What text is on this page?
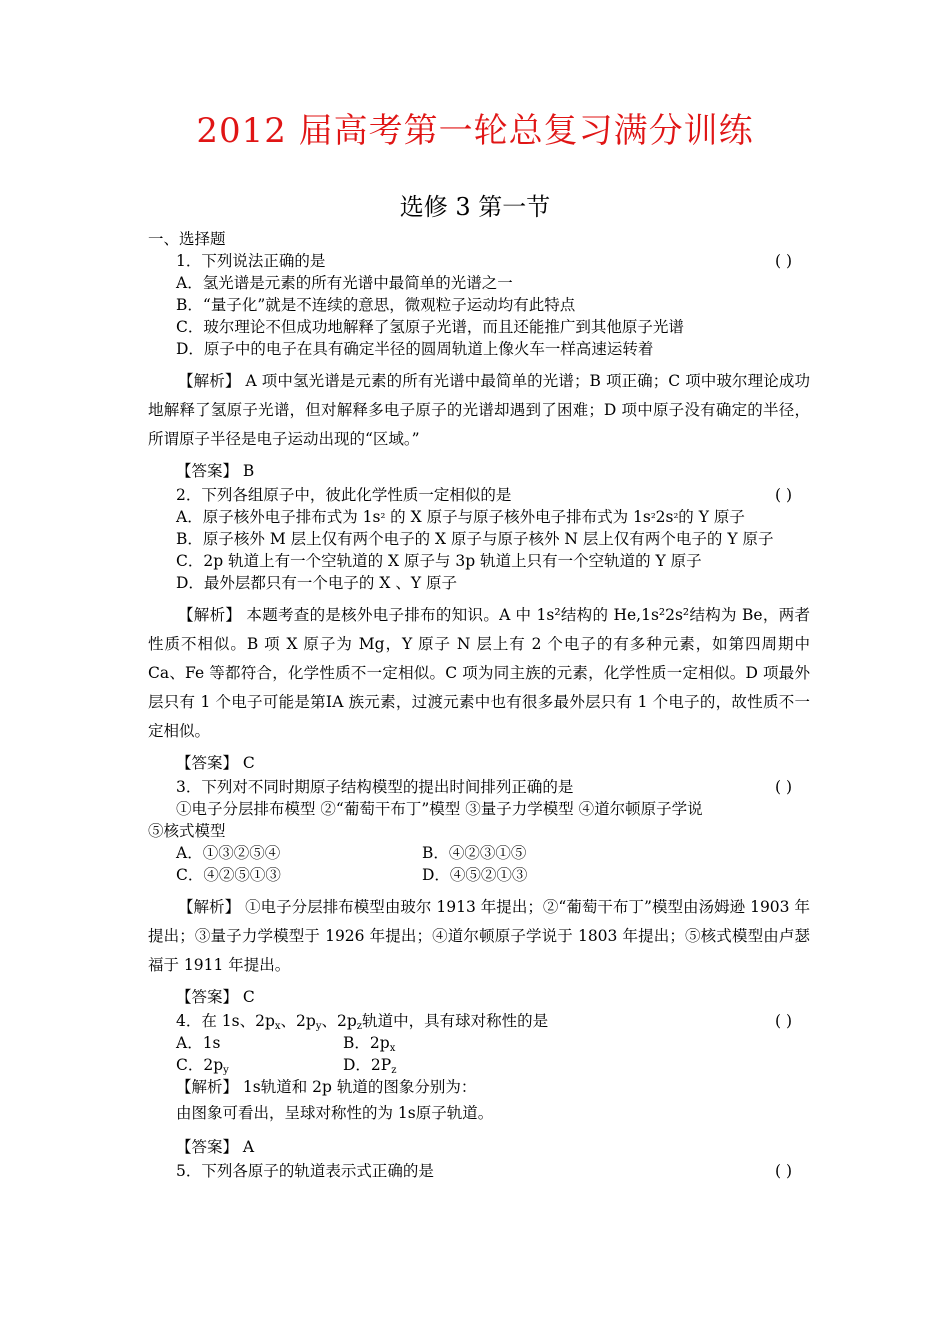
2012 届高考第一轮总复习满分训练
选修 3 第一节
一、选择题
1．下列说法正确的是	( )
A．氢光谱是元素的所有光谱中最简单的光谱之一
B．“量子化”就是不连续的意思，微观粒子运动均有此特点
C．玻尔理论不但成功地解释了氢原子光谱，而且还能推广到其他原子光谱
D．原子中的电子在具有确定半径的圆周轨道上像火车一样高速运转着
【解析】 A 项中氢光谱是元素的所有光谱中最简单的光谱；B 项正确；C 项中玻尔理论成功地解释了氢原子光谱，但对解释多电子原子的光谱却遇到了困难；D 项中原子没有确定的半径，所谓原子半径是电子运动出现的“区域。”
【答案】 B
2．下列各组原子中，彼此化学性质一定相似的是	( )
A．原子核外电子排布式为 1s² 的 X 原子与原子核外电子排布式为 1s²2s²的 Y 原子
B．原子核外 M 层上仅有两个电子的 X 原子与原子核外 N 层上仅有两个电子的 Y 原子
C．2p 轨道上有一个空轨道的 X 原子与 3p 轨道上只有一个空轨道的 Y 原子
D．最外层都只有一个电子的 X 、Y 原子
【解析】 本题考查的是核外电子排布的知识。A 中 1s²结构的 He,1s²2s²结构为 Be，两者性质不相似。B 项 X 原子为 Mg，Y 原子 N 层上有 2 个电子的有多种元素，如第四周期中 Ca、Fe 等都符合，化学性质不一定相似。C 项为同主族的元素，化学性质一定相似。D 项最外层只有 1 个电子可能是第ⅠA 族元素，过渡元素中也有很多最外层只有 1 个电子的，故性质不一定相似。
【答案】 C
3．下列对不同时期原子结构模型的提出时间排列正确的是	( )
①电子分层排布模型 ②“葡萄干布丁”模型 ③量子力学模型 ④道尔顿原子学说
⑤核式模型
A．①③②⑤④	B．④②③①⑤
C．④②⑤①③	D．④⑤②①③
【解析】 ①电子分层排布模型由玻尔 1913 年提出；②“葡萄干布丁”模型由汤姆逊 1903 年提出；③量子力学模型于 1926 年提出；④道尔顿原子学说于 1803 年提出；⑤核式模型由卢瑟福于 1911 年提出。
【答案】 C
4．在 1s、$2p_x$、$2p_y$、$2p_z$轨道中，具有球对称性的是	( )
A．1s	B．$2p_x$
C．$2p_y$	D．$2P_z$
【解析】 1s轨道和 2p 轨道的图象分别为：
由图象可看出，呈球对称性的为 1s原子轨道。
【答案】 A
5．下列各原子的轨道表示式正确的是	( )
